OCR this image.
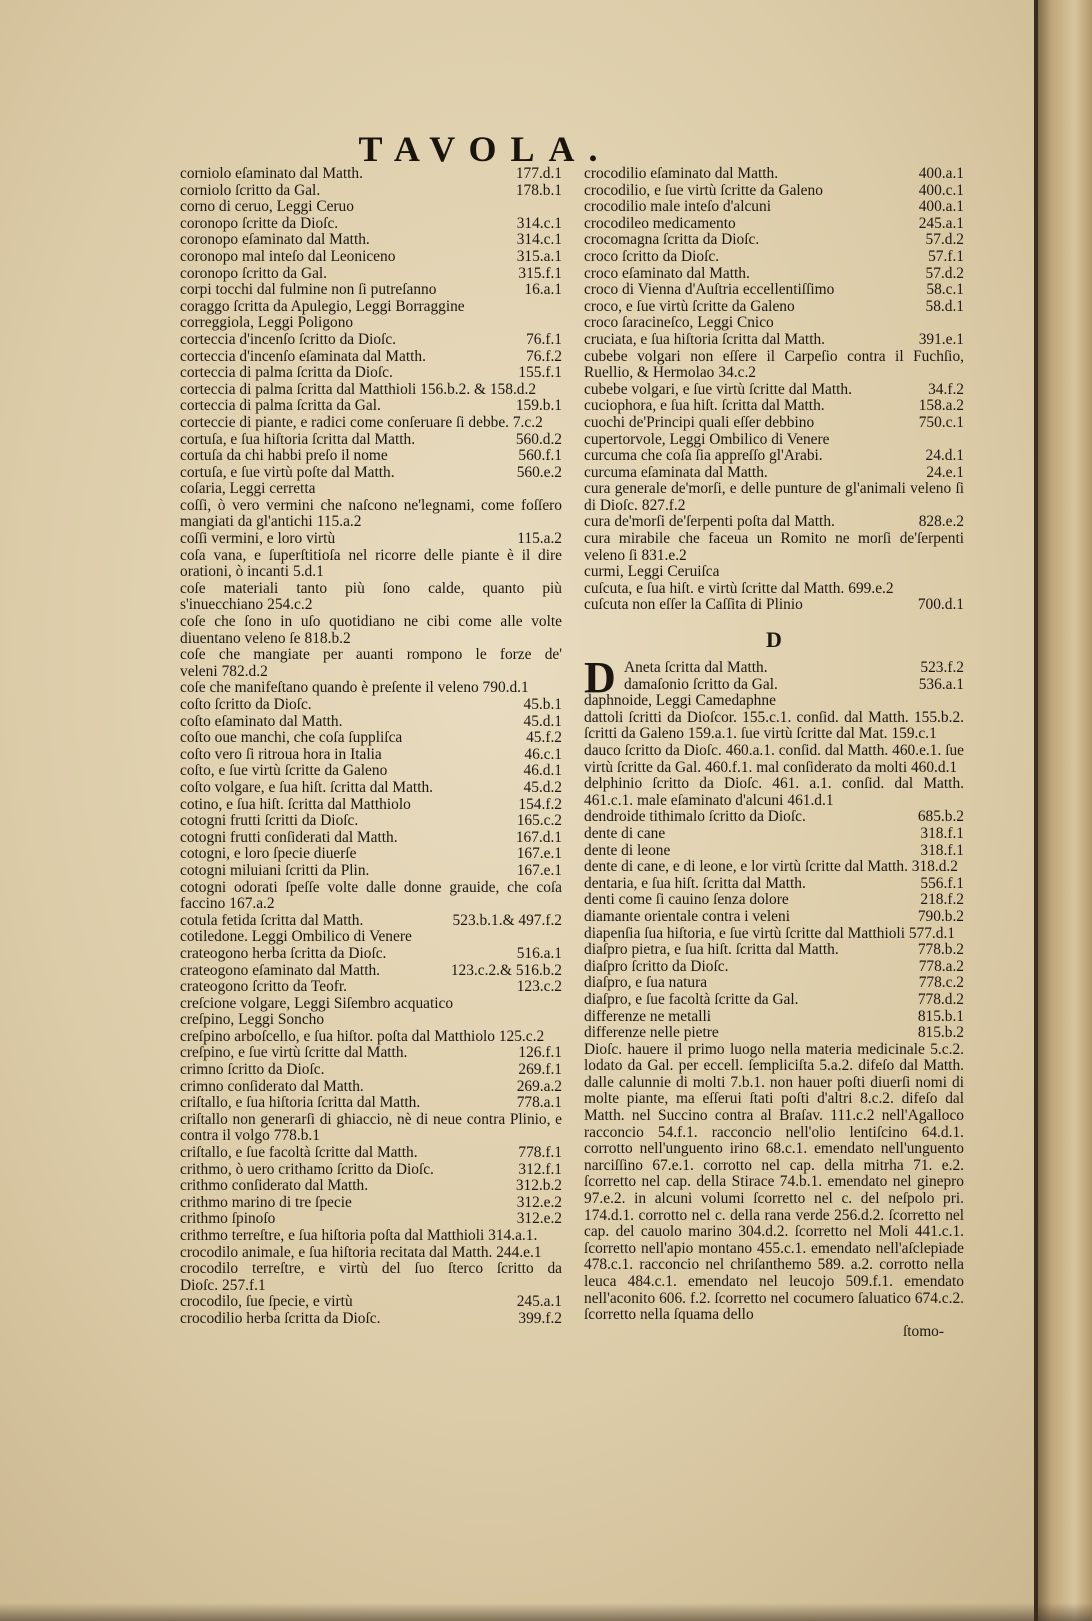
TAVOLA.
corniolo eſaminato dal Matth.	177.d.1
corniolo ſcritto da Gal.	178.b.1
corno di ceruo, Leggi Ceruo
coronopo ſcritte da Dioſc.	314.c.1
coronopo eſaminato dal Matth.	314.c.1
coronopo mal inteſo dal Leoniceno	315.a.1
coronopo ſcritto da Gal.	315.f.1
corpi tocchi dal fulmine non ſi putreſanno	16.a.1
coraggo ſcritta da Apulegio, Leggi Borraggine
correggiola, Leggi Poligono
corteccia d'incenſo ſcritto da Dioſc.	76.f.1
corteccia d'incenſo eſaminata dal Matth.	76.f.2
corteccia di palma ſcritta da Dioſc.	155.f.1
corteccia di palma ſcritta dal Matthioli 156.b.2. & 158.d.2
corteccia di palma ſcritta da Gal.	159.b.1
corteccie di piante, e radici come conſeruare ſi debbe. 7.c.2
cortuſa, e ſua hiſtoria ſcritta dal Matth.	560.d.2
cortuſa da chi habbi preſo il nome	560.f.1
cortuſa, e ſue virtù poſte dal Matth.	560.e.2
coſaria, Leggi cerretta
coſſi, ò vero vermini che naſcono ne'legnami, come foſſero mangiati da gl'antichi 115.a.2
coſſi vermini, e loro virtù	115.a.2
coſa vana, e ſuperſtitioſa nel ricorre delle piante è il dire orationi, ò incanti 5.d.1
coſe materiali tanto più ſono calde, quanto più s'inuecchiano 254.c.2
coſe che ſono in uſo quotidiano ne cibi come alle volte diuentano veleno ſe 818.b.2
coſe che mangiate per auanti rompono le forze de' veleni 782.d.2
coſe che manifeſtano quando è preſente il veleno 790.d.1
coſto ſcritto da Dioſc.	45.b.1
coſto eſaminato dal Matth.	45.d.1
coſto oue manchi, che coſa ſuppliſca	45.f.2
coſto vero ſi ritroua hora in Italia	46.c.1
coſto, e ſue virtù ſcritte da Galeno	46.d.1
coſto volgare, e ſua hiſt. ſcritta dal Matth.	45.d.2
cotino, e ſua hiſt. ſcritta dal Matthiolo	154.f.2
cotogni frutti ſcritti da Dioſc.	165.c.2
cotogni frutti conſiderati dal Matth.	167.d.1
cotogni, e loro ſpecie diuerſe	167.e.1
cotogni miluiani ſcritti da Plin.	167.e.1
cotogni odorati ſpeſſe volte dalle donne grauide, che coſa faccino 167.a.2
cotula fetida ſcritta dal Matth.	523.b.1.& 497.f.2
cotiledone. Leggi Ombilico di Venere
crateogono herba ſcritta da Dioſc.	516.a.1
crateogono eſaminato dal Matth.	123.c.2.& 516.b.2
crateogono ſcritto da Teofr.	123.c.2
creſcione volgare, Leggi Siſembro acquatico
creſpino, Leggi Soncho
creſpino arboſcello, e ſua hiſtor. poſta dal Matthiolo 125.c.2
creſpino, e ſue virtù ſcritte dal Matth.	126.f.1
crimno ſcritto da Dioſc.	269.f.1
crimno conſiderato dal Matth.	269.a.2
criſtallo, e ſua hiſtoria ſcritta dal Matth.	778.a.1
criſtallo non generarſi di ghiaccio, nè di neue contra Plinio, e contra il volgo 778.b.1
criſtallo, e ſue facoltà ſcritte dal Matth.	778.f.1
crithmo, ò uero crithamo ſcritto da Dioſc.	312.f.1
crithmo conſiderato dal Matth.	312.b.2
crithmo marino di tre ſpecie	312.e.2
crithmo ſpinoſo	312.e.2
crithmo terreſtre, e ſua hiſtoria poſta dal Matthioli 314.a.1.
crocodilo animale, e ſua hiſtoria recitata dal Matth. 244.e.1
crocodilo terreſtre, e virtù del ſuo ſterco ſcritto da Dioſc. 257.f.1
crocodilo, ſue ſpecie, e virtù	245.a.1
crocodilio herba ſcritta da Dioſc.	399.f.2
crocodilio eſaminato dal Matth.	400.a.1
crocodilio, e ſue virtù ſcritte da Galeno	400.c.1
crocodilio male inteſo d'alcuni	400.a.1
crocodileo medicamento	245.a.1
crocomagna ſcritta da Dioſc.	57.d.2
croco ſcritto da Dioſc.	57.f.1
croco eſaminato dal Matth.	57.d.2
croco di Vienna d'Auſtria eccellentiſſimo	58.c.1
croco, e ſue virtù ſcritte da Galeno	58.d.1
croco ſaracineſco, Leggi Cnico
cruciata, e ſua hiſtoria ſcritta dal Matth.	391.e.1
cubebe volgari non eſſere il Carpeſio contra il Fuchſio, Ruellio, & Hermolao 34.c.2
cubebe volgari, e ſue virtù ſcritte dal Matth.	34.f.2
cuciophora, e ſua hiſt. ſcritta dal Matth.	158.a.2
cuochi de'Principi quali eſſer debbino	750.c.1
cupertorvole, Leggi Ombilico di Venere
curcuma che coſa ſia appreſſo gl'Arabi.	24.d.1
curcuma eſaminata dal Matth.	24.e.1
cura generale de'morſi, e delle punture de gl'animali veleno ſi di Dioſc. 827.f.2
cura de'morſi de'ſerpenti poſta dal Matth.	828.e.2
cura mirabile che faceua un Romito ne morſi de'ſerpenti veleno ſi 831.e.2
curmi, Leggi Ceruiſca
cuſcuta, e ſua hiſt. e virtù ſcritte dal Matth. 699.e.2
cuſcuta non eſſer la Caſſita di Plinio	700.d.1
D
D Aneta ſcritta dal Matth.	523.f.2
damaſonio ſcritto da Gal.	536.a.1
daphnoide, Leggi Camedaphne
dattoli ſcritti da Dioſcor. 155.c.1. conſid. dal Matth. 155.b.2. ſcritti da Galeno 159.a.1. ſue virtù ſcritte dal Mat. 159.c.1
dauco ſcritto da Dioſc. 460.a.1. conſid. dal Matth. 460.e.1. ſue virtù ſcritte da Gal. 460.f.1. mal conſiderato da molti 460.d.1
delphinio ſcritto da Dioſc. 461. a.1. conſid. dal Matth. 461.c.1. male eſaminato d'alcuni 461.d.1
dendroide tithimalo ſcritto da Dioſc.	685.b.2
dente di cane	318.f.1
dente di leone	318.f.1
dente di cane, e di leone, e lor virtù ſcritte dal Matth. 318.d.2
dentaria, e ſua hiſt. ſcritta dal Matth.	556.f.1
denti come ſi cauino ſenza dolore	218.f.2
diamante orientale contra i veleni	790.b.2
diapenſia ſua hiſtoria, e ſue virtù ſcritte dal Matthioli 577.d.1
diaſpro pietra, e ſua hiſt. ſcritta dal Matth.	778.b.2
diaſpro ſcritto da Dioſc.	778.a.2
diaſpro, e ſua natura	778.c.2
diaſpro, e ſue facoltà ſcritte da Gal.	778.d.2
differenze ne metalli	815.b.1
differenze nelle pietre	815.b.2
Dioſc. hauere il primo luogo nella materia medicinale 5.c.2. lodato da Gal. per eccell. ſempliciſta 5.a.2. difeſo dal Matth. dalle calunnie di molti 7.b.1. non hauer poſti diuerſi nomi di molte piante, ma eſſerui ſtati poſti d'altri 8.c.2. difeſo dal Matth. nel Succino contra al Braſav. 111.c.2 nell'Agalloco racconcio 54.f.1. racconcio nell'olio lentiſcino 64.d.1. corrotto nell'unguento irino 68.c.1. emendato nell'unguento narciſſino 67.e.1. corrotto nel cap. della mitrha 71. e.2. ſcorretto nel cap. della Stirace 74.b.1. emendato nel ginepro 97.e.2. in alcuni volumi ſcorretto nel c. del neſpolo pri. 174.d.1. corrotto nel c. della rana verde 256.d.2. ſcorretto nel cap. del cauolo marino 304.d.2. ſcorretto nel Moli 441.c.1. ſcorretto nell'apio montano 455.c.1. emendato nell'aſclepiade 478.c.1. racconcio nel chriſanthemo 589. a.2. corrotto nella leuca 484.c.1. emendato nel leucojo 509.f.1. emendato nell'aconito 606. f.2. ſcorretto nel cocumero ſaluatico 674.c.2. ſcorretto nella ſquama dello
ſtomo-
